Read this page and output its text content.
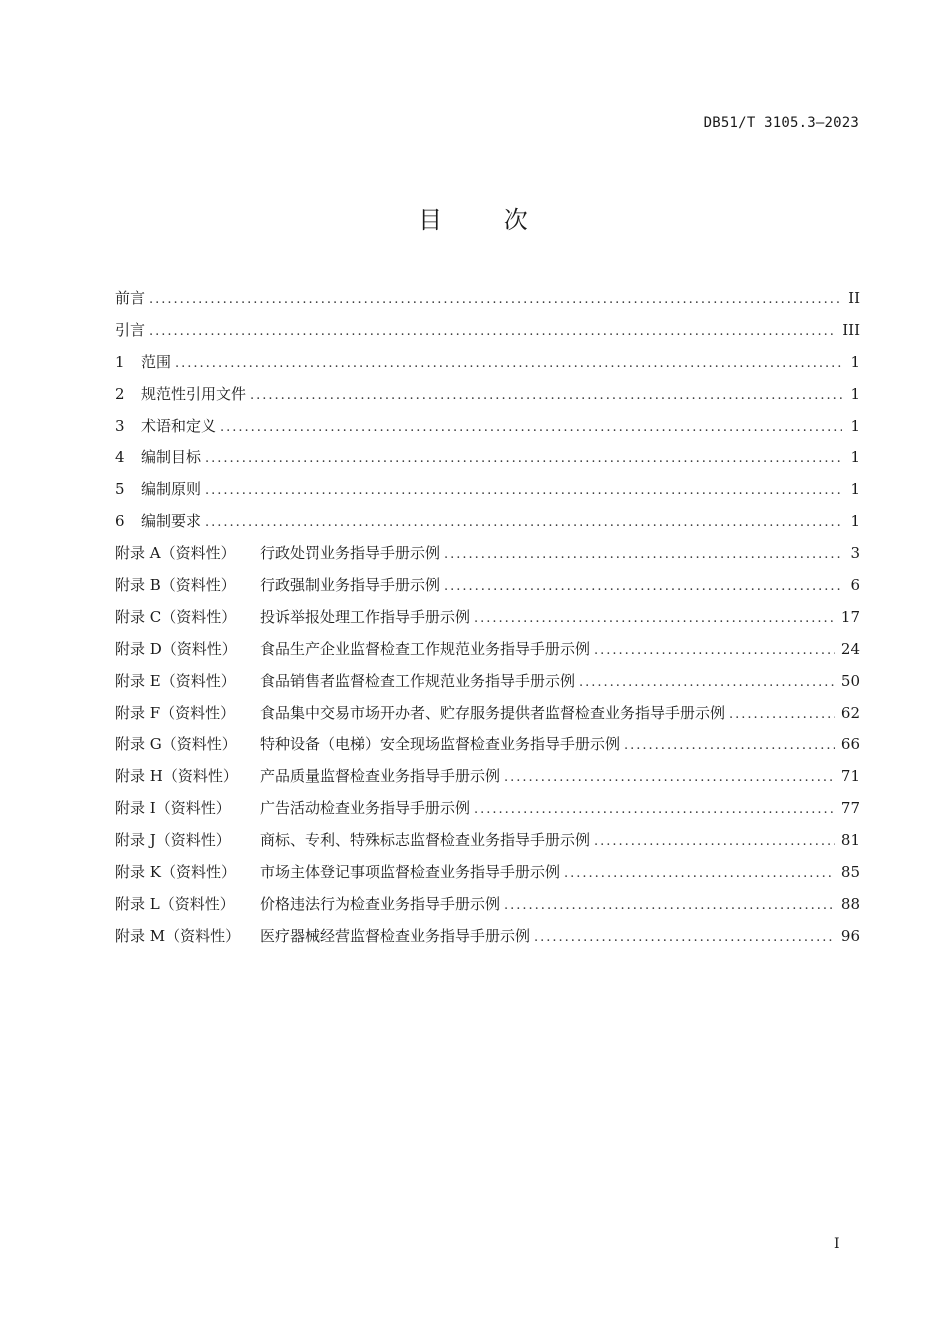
DB51/T 3105.3—2023
目 次
前言 .....	II
引言 .....	III
1	范围 .....	1
2	规范性引用文件 .....	1
3	术语和定义 .....	1
4	编制目标 .....	1
5	编制原则 .....	1
6	编制要求 .....	1
附录 A（资料性）	行政处罚业务指导手册示例 .....	3
附录 B（资料性）	行政强制业务指导手册示例 .....	6
附录 C（资料性）	投诉举报处理工作指导手册示例 .....	17
附录 D（资料性）	食品生产企业监督检查工作规范业务指导手册示例 .....	24
附录 E（资料性）	食品销售者监督检查工作规范业务指导手册示例 .....	50
附录 F（资料性）	食品集中交易市场开办者、贮存服务提供者监督检查业务指导手册示例 .....	62
附录 G（资料性）	特种设备（电梯）安全现场监督检查业务指导手册示例 .....	66
附录 H（资料性）	产品质量监督检查业务指导手册示例 .....	71
附录 I（资料性）	广告活动检查业务指导手册示例 .....	77
附录 J（资料性）	商标、专利、特殊标志监督检查业务指导手册示例 .....	81
附录 K（资料性）	市场主体登记事项监督检查业务指导手册示例 .....	85
附录 L（资料性）	价格违法行为检查业务指导手册示例 .....	88
附录 M（资料性）	医疗器械经营监督检查业务指导手册示例 .....	96
I
